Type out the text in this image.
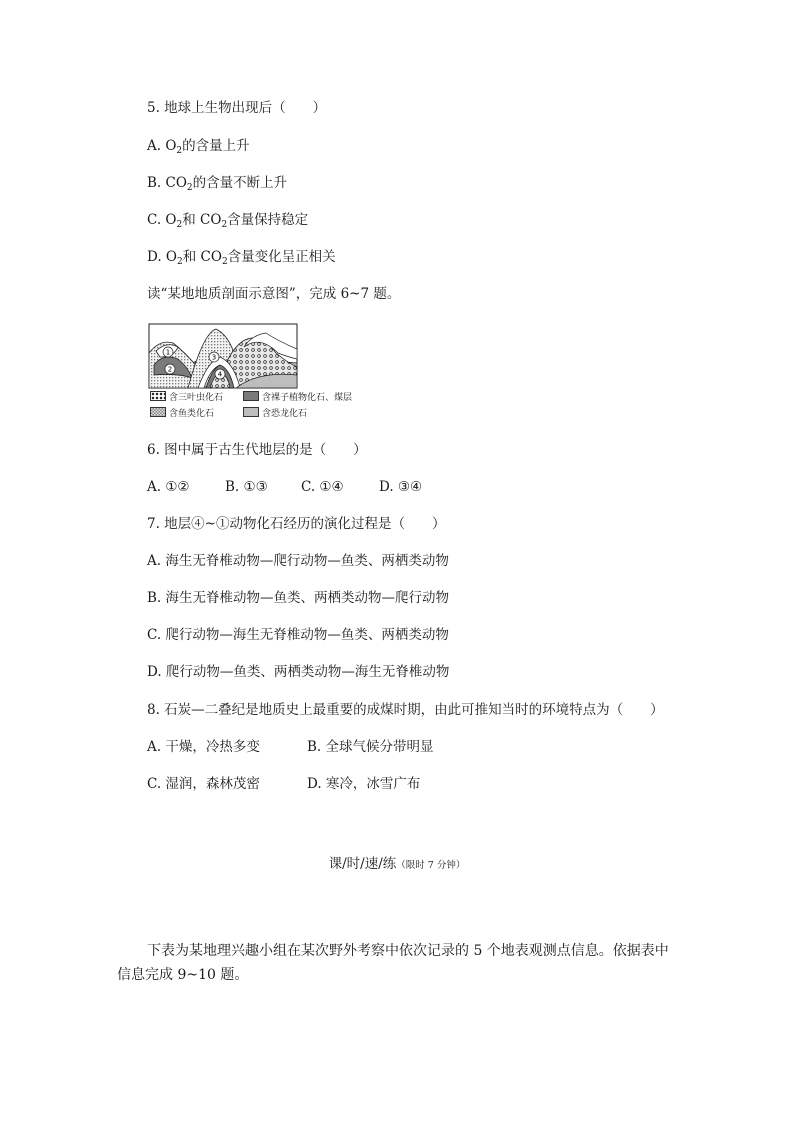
5. 地球上生物出现后（　　）
A. $O_2$的含量上升
B. $CO_2$的含量不断上升
C. $O_2$和 $CO_2$含量保持稳定
D. $O_2$和 $CO_2$含量变化呈正相关
读“某地地质剖面示意图”，完成 6~7 题。
1
2
3
4
含三叶虫化石	含裸子植物化石、煤层
含鱼类化石	含恐龙化石
6. 图中属于古生代地层的是（　　）
A. ①②	B. ①③ C. ①④	D. ③④
7. 地层④~①动物化石经历的演化过程是（　　）
A. 海生无脊椎动物—爬行动物—鱼类、两栖类动物
B. 海生无脊椎动物—鱼类、两栖类动物—爬行动物
C. 爬行动物—海生无脊椎动物—鱼类、两栖类动物
D. 爬行动物—鱼类、两栖类动物—海生无脊椎动物
8. 石炭—二叠纪是地质史上最重要的成煤时期，由此可推知当时的环境特点为（　　）
A. 干燥，冷热多变	B. 全球气候分带明显
C. 湿润，森林茂密	D. 寒冷，冰雪广布
课/时/速/练（限时 7 分钟）
下表为某地理兴趣小组在某次野外考察中依次记录的 5 个地表观测点信息。依据表中信息完成 9~10 题。
